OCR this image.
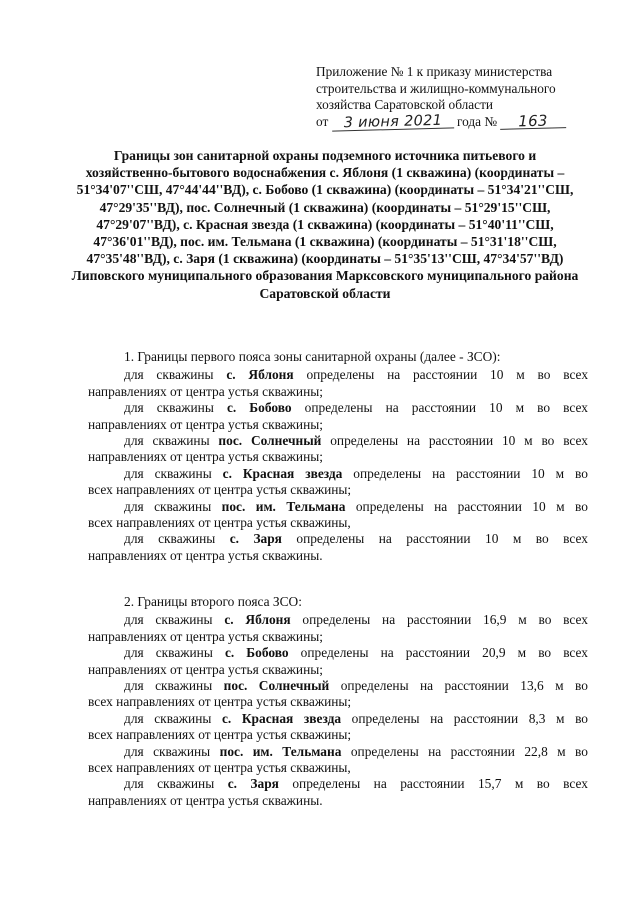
Приложение № 1 к приказу министерства
строительства и жилищно-коммунального
хозяйства Саратовской области
от 3 июня 2021 года № 163
Границы зон санитарной охраны подземного источника питьевого и хозяйственно-бытового водоснабжения с. Яблоня (1 скважина) (координаты – 51°34'07''СШ, 47°44'44''ВД), с. Бобово (1 скважина) (координаты – 51°34'21''СШ, 47°29'35''ВД), пос. Солнечный (1 скважина) (координаты – 51°29'15''СШ, 47°29'07''ВД), с. Красная звезда (1 скважина) (координаты – 51°40'11''СШ, 47°36'01''ВД), пос. им. Тельмана (1 скважина) (координаты – 51°31'18''СШ, 47°35'48''ВД), с. Заря (1 скважина) (координаты – 51°35'13''СШ, 47°34'57''ВД) Липовского муниципального образования Марксовского муниципального района Саратовской области
1. Границы первого пояса зоны санитарной охраны (далее - ЗСО):
для скважины с. Яблоня определены на расстоянии 10 м во всех
направлениях от центра устья скважины;
для скважины с. Бобово определены на расстоянии 10 м во всех
направлениях от центра устья скважины;
для скважины пос. Солнечный определены на расстоянии 10 м во всех
направлениях от центра устья скважины;
для скважины с. Красная звезда определены на расстоянии 10 м во
всех направлениях от центра устья скважины;
для скважины пос. им. Тельмана определены на расстоянии 10 м во
всех направлениях от центра устья скважины,
для скважины с. Заря определены на расстоянии 10 м во всех
направлениях от центра устья скважины.
2. Границы второго пояса ЗСО:
для скважины с. Яблоня определены на расстоянии 16,9 м во всех
направлениях от центра устья скважины;
для скважины с. Бобово определены на расстоянии 20,9 м во всех
направлениях от центра устья скважины;
для скважины пос. Солнечный определены на расстоянии 13,6 м во
всех направлениях от центра устья скважины;
для скважины с. Красная звезда определены на расстоянии 8,3 м во
всех направлениях от центра устья скважины;
для скважины пос. им. Тельмана определены на расстоянии 22,8 м во
всех направлениях от центра устья скважины,
для скважины с. Заря определены на расстоянии 15,7 м во всех
направлениях от центра устья скважины.
